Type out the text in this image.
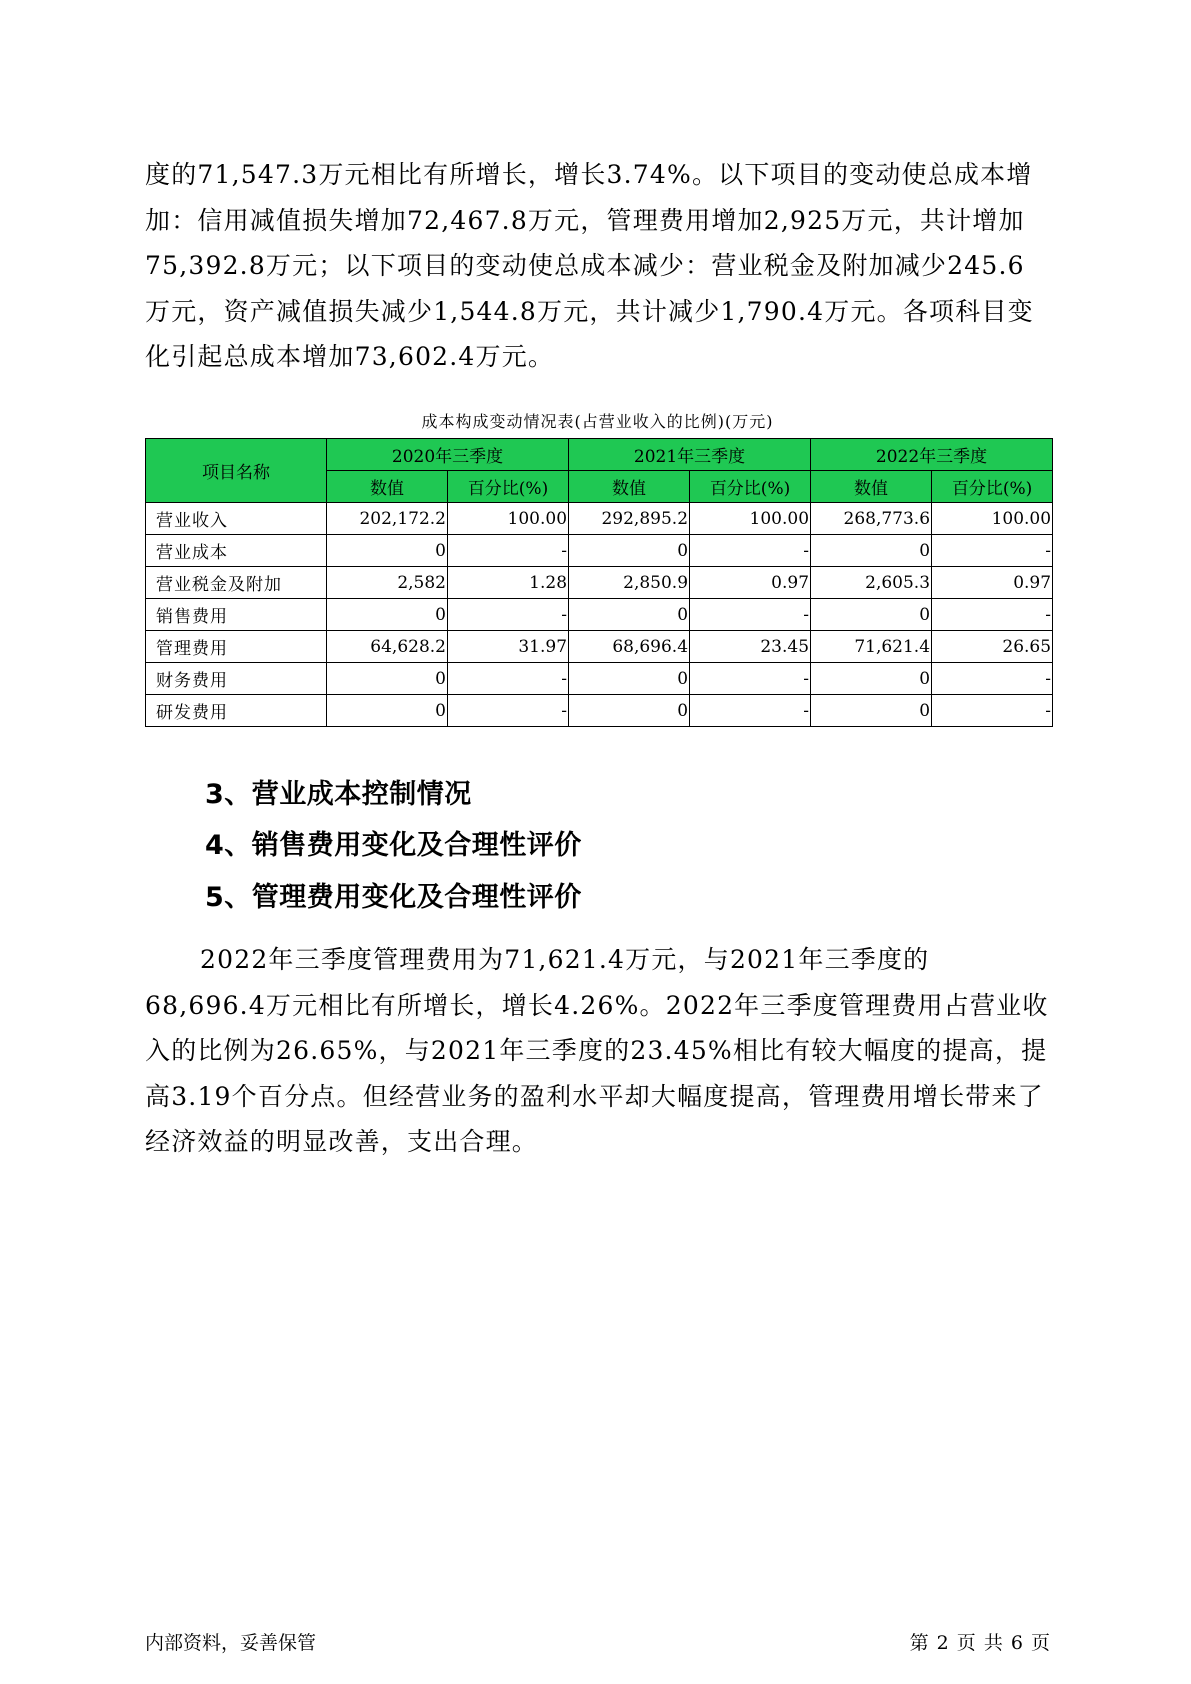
度的71,547.3万元相比有所增长，增长3.74%。以下项目的变动使总成本增加：信用减值损失增加72,467.8万元，管理费用增加2,925万元，共计增加75,392.8万元；以下项目的变动使总成本减少：营业税金及附加减少245.6万元，资产减值损失减少1,544.8万元，共计减少1,790.4万元。各项科目变化引起总成本增加73,602.4万元。

成本构成变动情况表(占营业收入的比例)(万元)
项目名称	2020年三季度		2021年三季度		2022年三季度	
	数值	百分比(%)	数值	百分比(%)	数值	百分比(%)
营业收入	202,172.2	100.00	292,895.2	100.00	268,773.6	100.00
营业成本	0	-	0	-	0	-
营业税金及附加	2,582	1.28	2,850.9	0.97	2,605.3	0.97
销售费用	0	-	0	-	0	-
管理费用	64,628.2	31.97	68,696.4	23.45	71,621.4	26.65
财务费用	0	-	0	-	0	-
研发费用	0	-	0	-	0	-
3、营业成本控制情况
4、销售费用变化及合理性评价
5、管理费用变化及合理性评价

2022年三季度管理费用为71,621.4万元，与2021年三季度的68,696.4万元相比有所增长，增长4.26%。2022年三季度管理费用占营业收入的比例为26.65%，与2021年三季度的23.45%相比有较大幅度的提高，提高3.19个百分点。但经营业务的盈利水平却大幅度提高，管理费用增长带来了经济效益的明显改善，支出合理。

内部资料，妥善保管	第 2 页 共 6 页
